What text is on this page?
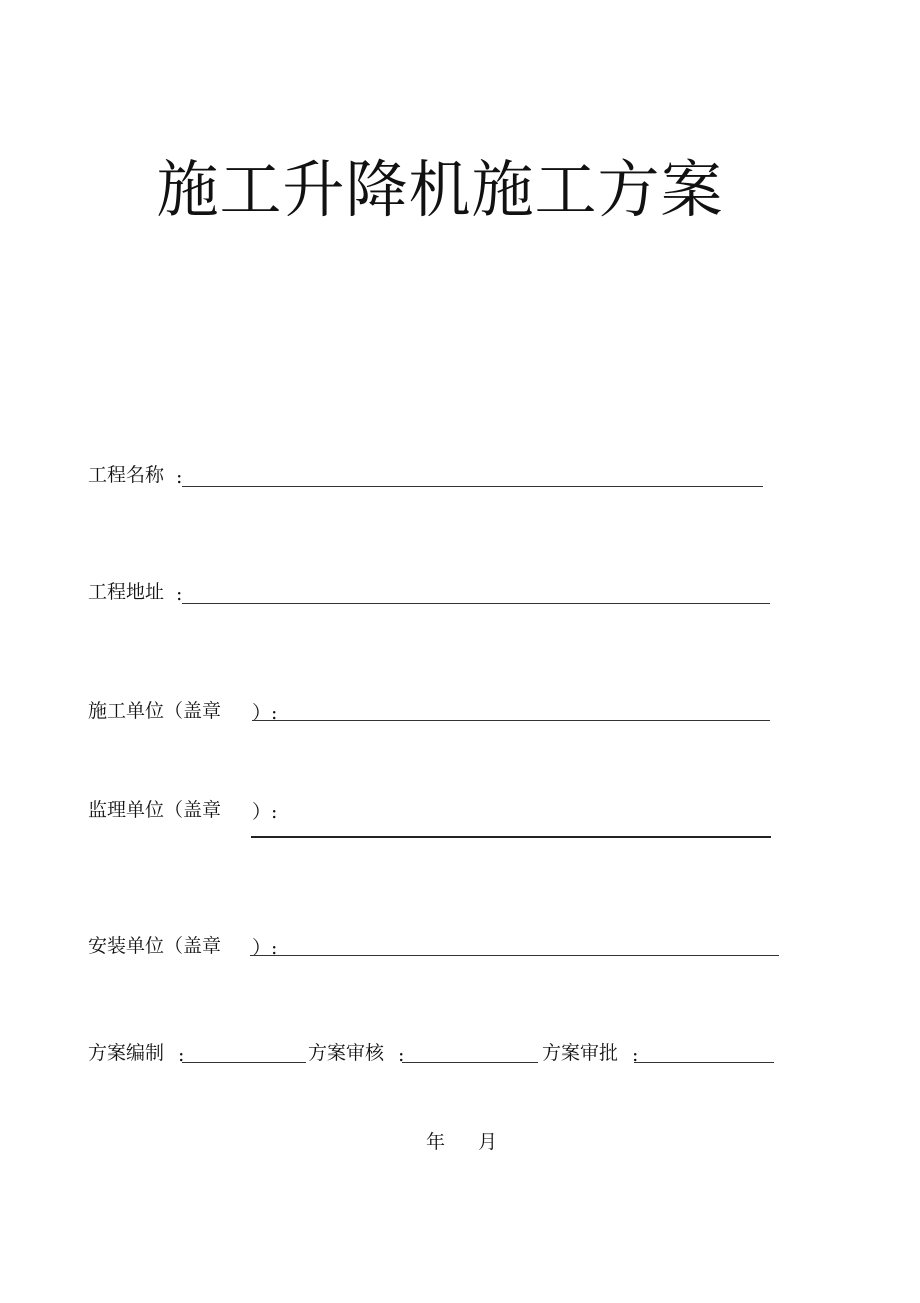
施工升降机施工方案
工程名称 :
工程地址 :
施工单位（盖章 ）:
监理单位（盖章 ）:
安装单位（盖章 ）:
方案编制 :	方案审核 :	方案审批 :
年 月
